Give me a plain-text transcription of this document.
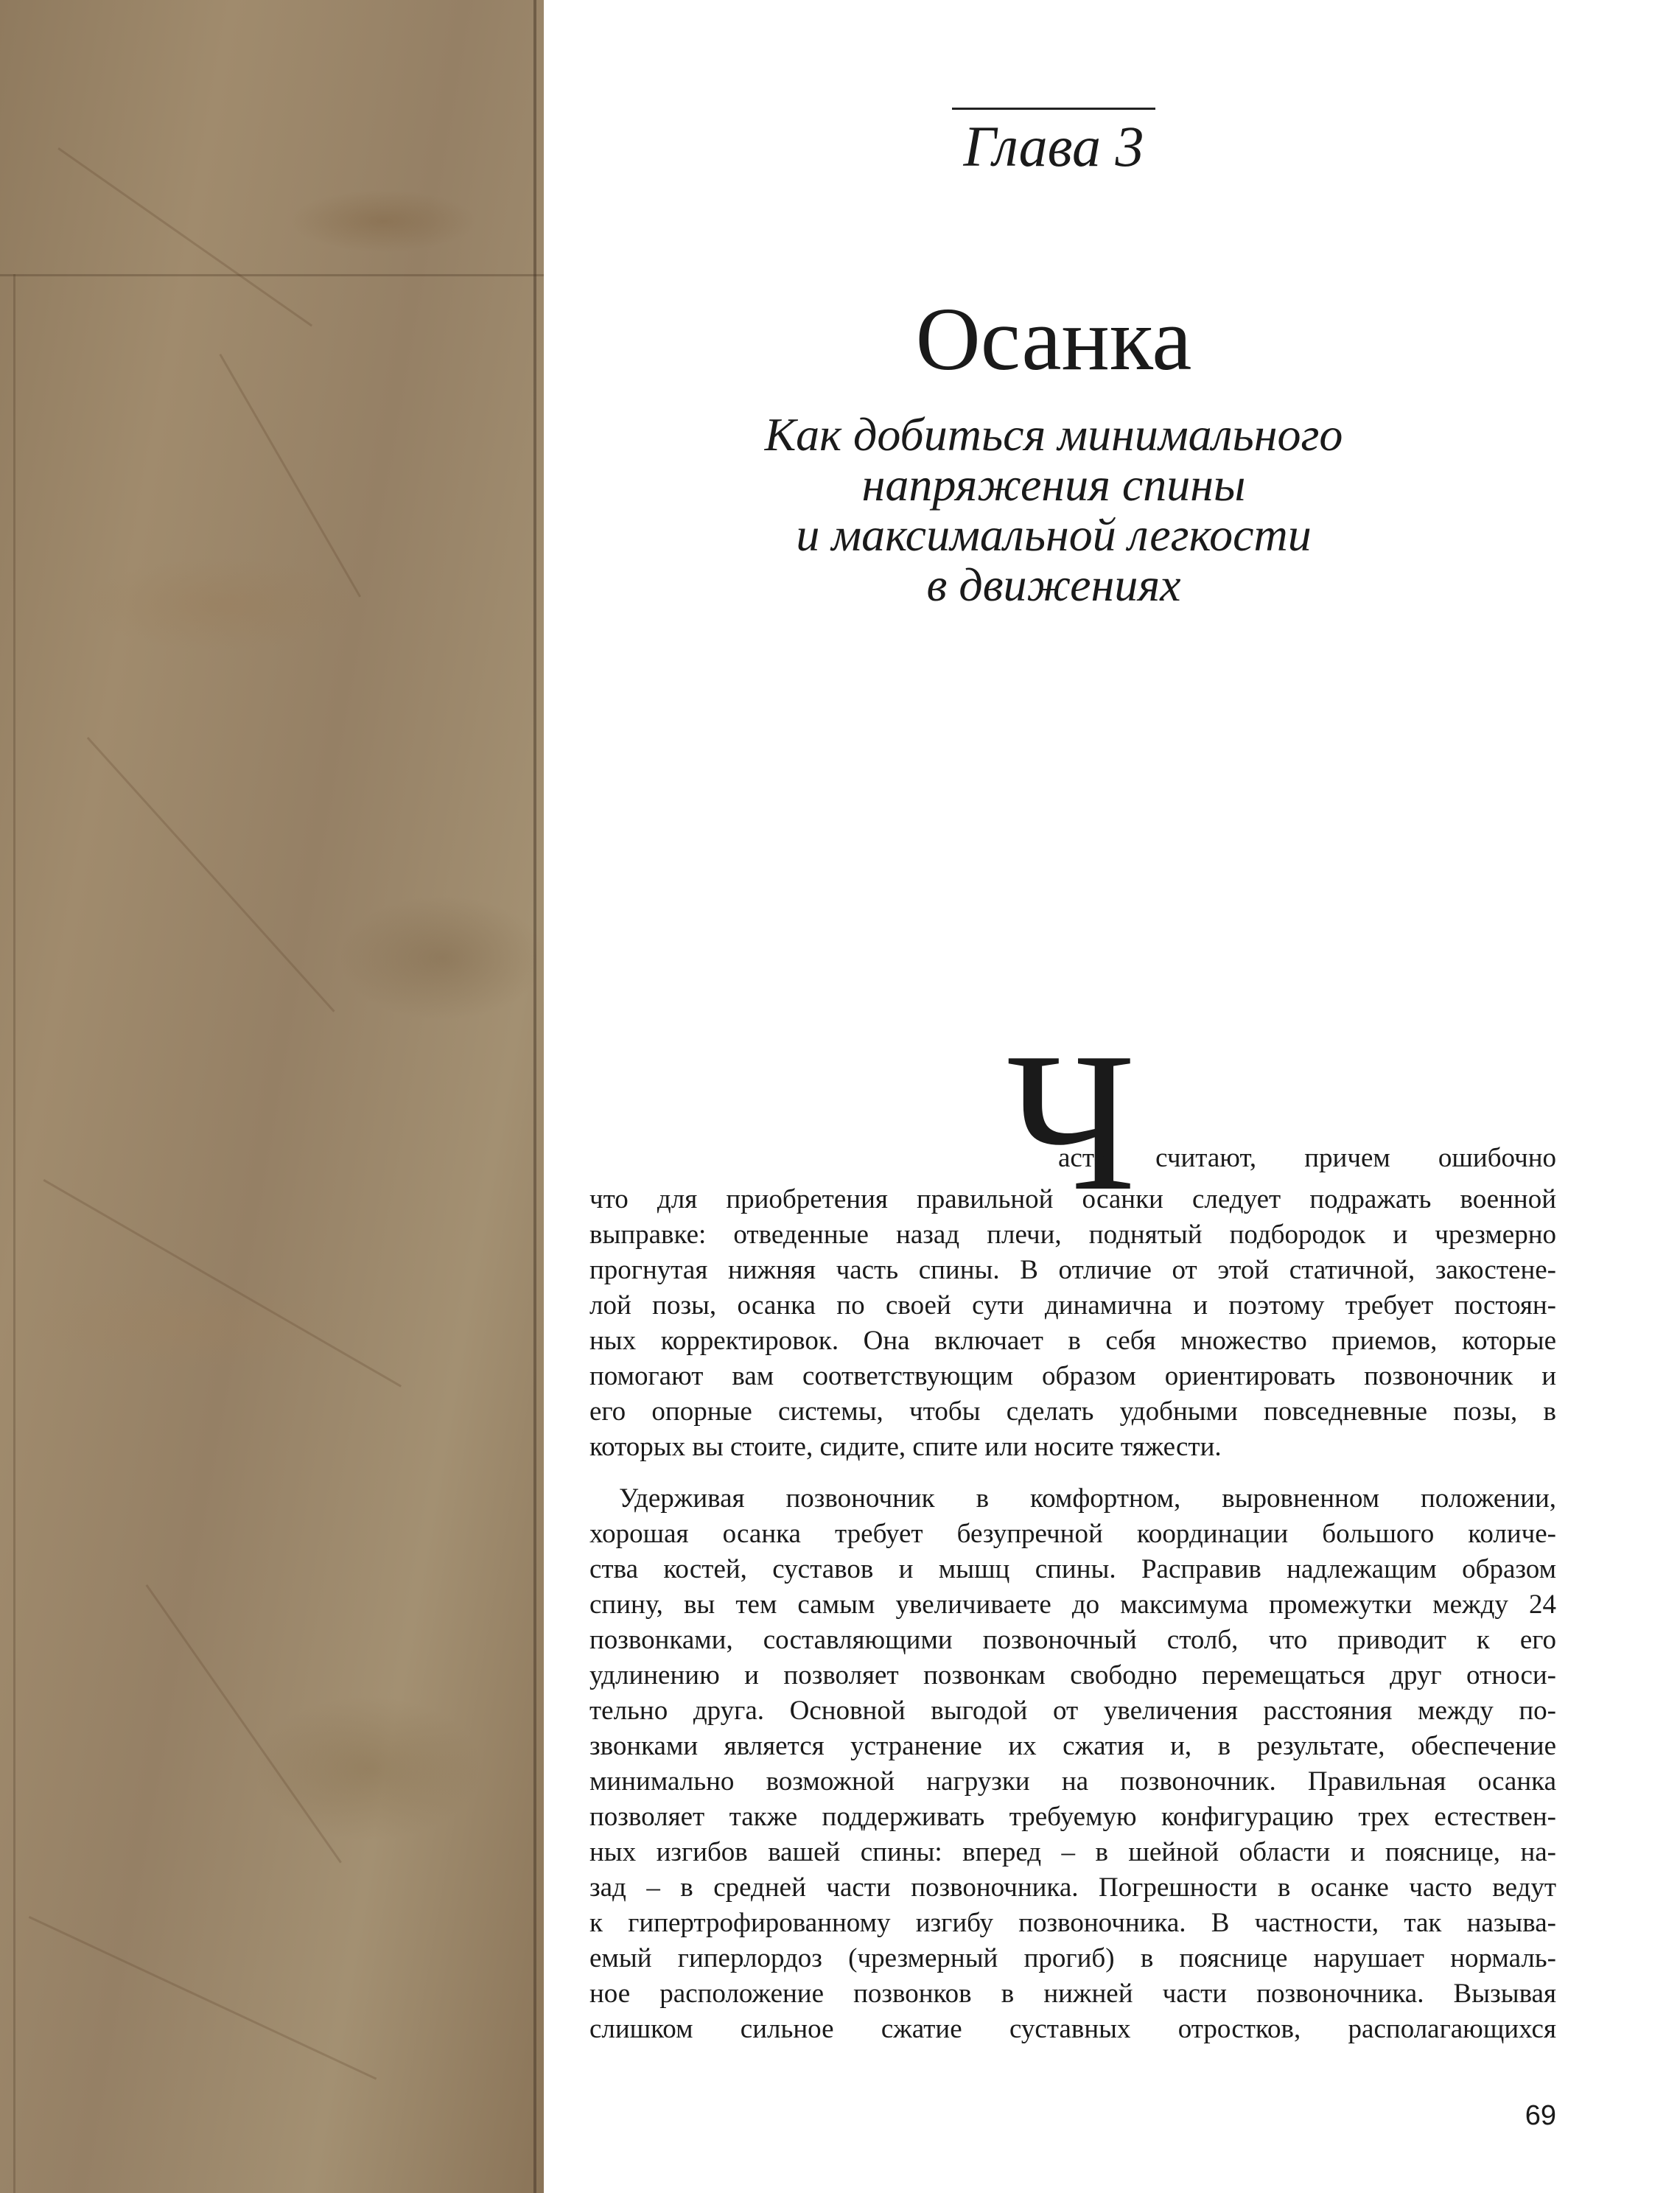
Глава 3
Осанка
Как добиться минимального
напряжения спины
и максимальной легкости
в движениях
Ч
асто считают, причем ошибочно
что для приобретения правильной осанки следует подражать военной
выправке: отведенные назад плечи, поднятый подбородок и чрезмерно
прогнутая нижняя часть спины. В отличие от этой статичной, закостене-
лой позы, осанка по своей сути динамична и поэтому требует постоян-
ных корректировок. Она включает в себя множество приемов, которые
помогают вам соответствующим образом ориентировать позвоночник и
его опорные системы, чтобы сделать удобными повседневные позы, в
которых вы стоите, сидите, спите или носите тяжести.
Удерживая позвоночник в комфортном, выровненном положении,
хорошая осанка требует безупречной координации большого количе-
ства костей, суставов и мышц спины. Расправив надлежащим образом
спину, вы тем самым увеличиваете до максимума промежутки между 24
позвонками, составляющими позвоночный столб, что приводит к его
удлинению и позволяет позвонкам свободно перемещаться друг относи-
тельно друга. Основной выгодой от увеличения расстояния между по-
звонками является устранение их сжатия и, в результате, обеспечение
минимально возможной нагрузки на позвоночник. Правильная осанка
позволяет также поддерживать требуемую конфигурацию трех естествен-
ных изгибов вашей спины: вперед – в шейной области и пояснице, на-
зад – в средней части позвоночника. Погрешности в осанке часто ведут
к гипертрофированному изгибу позвоночника. В частности, так называ-
емый гиперлордоз (чрезмерный прогиб) в пояснице нарушает нормаль-
ное расположение позвонков в нижней части позвоночника. Вызывая
слишком сильное сжатие суставных отростков, располагающихся
69
